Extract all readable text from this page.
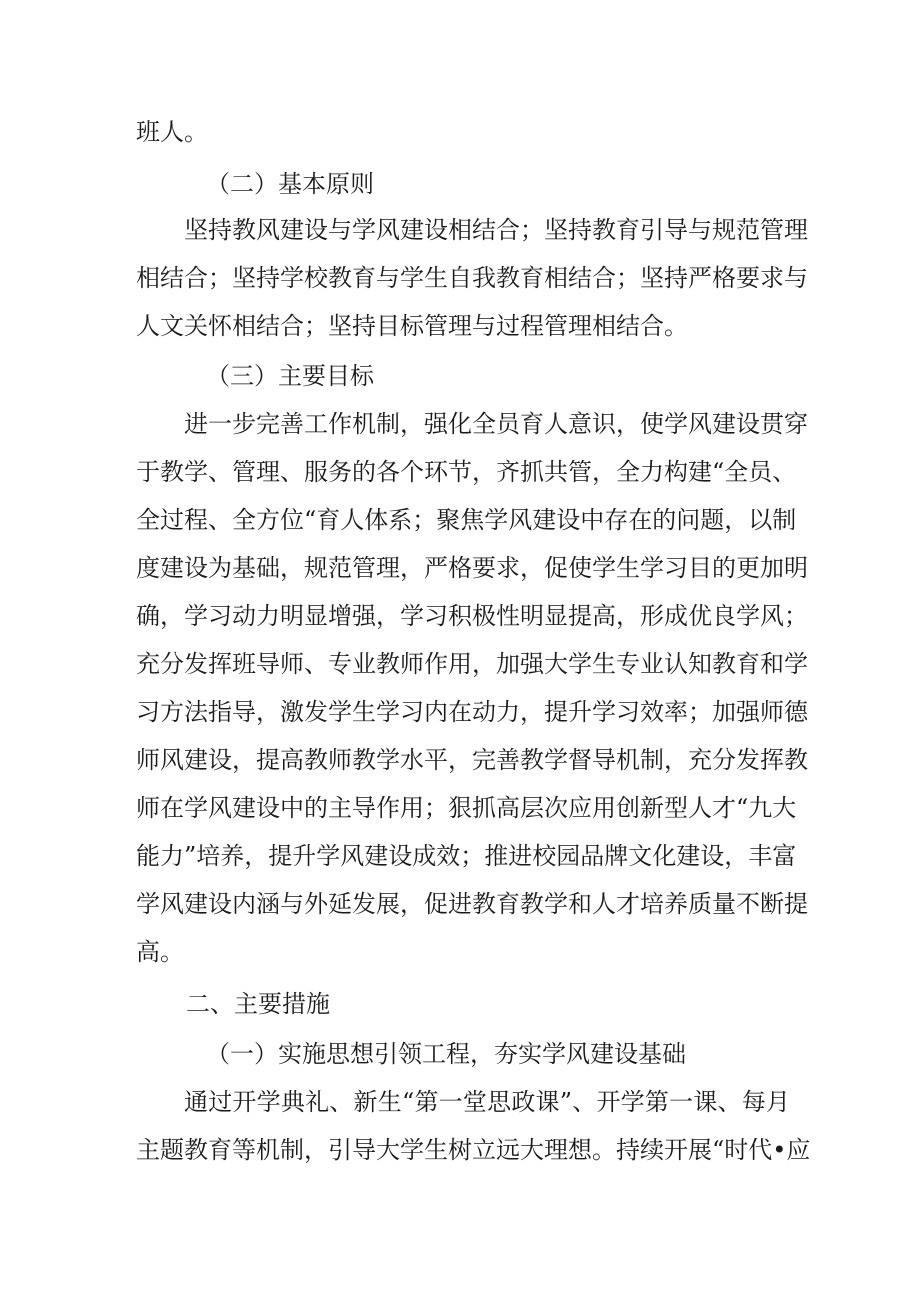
班人。
（二）基本原则
坚持教风建设与学风建设相结合；坚持教育引导与规范管理
相结合；坚持学校教育与学生自我教育相结合；坚持严格要求与
人文关怀相结合；坚持目标管理与过程管理相结合。
（三）主要目标
进一步完善工作机制，强化全员育人意识，使学风建设贯穿
于教学、管理、服务的各个环节，齐抓共管，全力构建“全员、
全过程、全方位“育人体系；聚焦学风建设中存在的问题，以制
度建设为基础，规范管理，严格要求，促使学生学习目的更加明
确，学习动力明显增强，学习积极性明显提高，形成优良学风；
充分发挥班导师、专业教师作用，加强大学生专业认知教育和学
习方法指导，激发学生学习内在动力，提升学习效率；加强师德
师风建设，提高教师教学水平，完善教学督导机制，充分发挥教
师在学风建设中的主导作用；狠抓高层次应用创新型人才“九大
能力”培养，提升学风建设成效；推进校园品牌文化建设，丰富
学风建设内涵与外延发展，促进教育教学和人才培养质量不断提
高。
二、主要措施
（一）实施思想引领工程，夯实学风建设基础
通过开学典礼、新生“第一堂思政课”、开学第一课、每月
主题教育等机制，引导大学生树立远大理想。持续开展“时代•应
